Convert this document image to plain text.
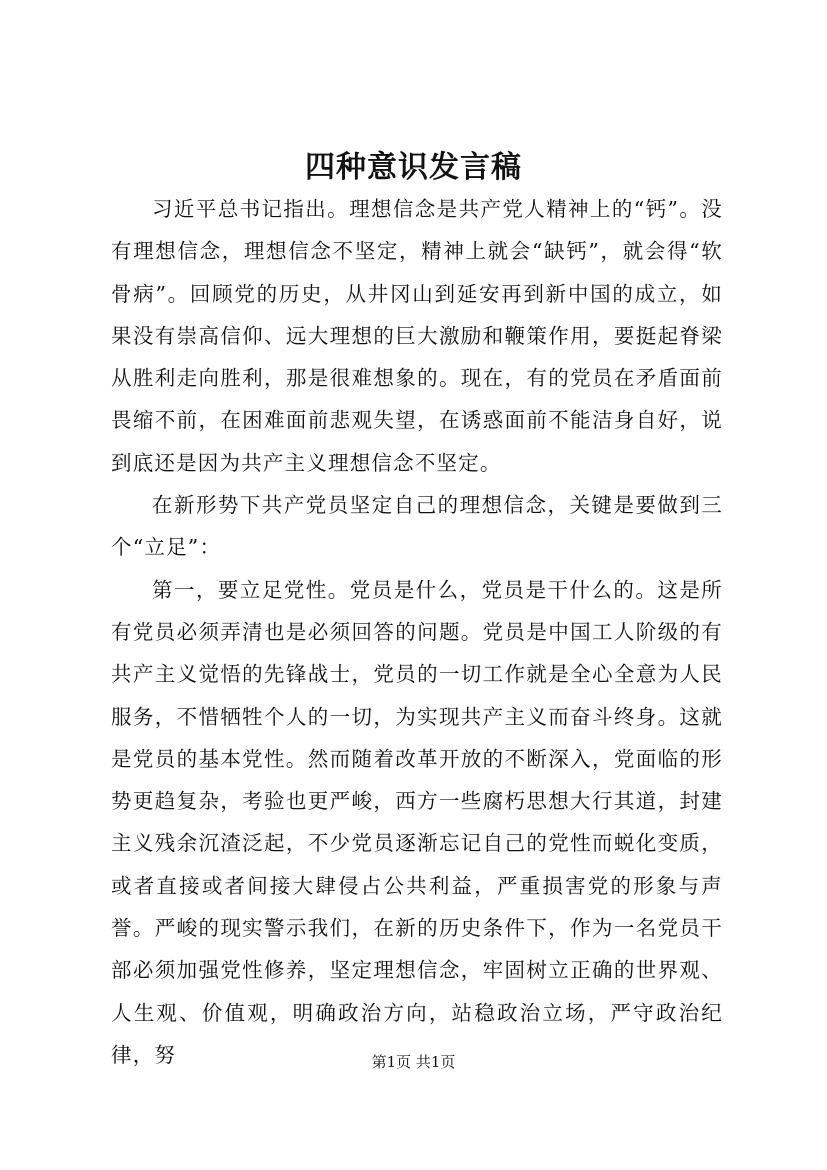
四种意识发言稿

习近平总书记指出。理想信念是共产党人精神上的“钙”。没有理想信念，理想信念不坚定，精神上就会“缺钙”，就会得“软骨病”。回顾党的历史，从井冈山到延安再到新中国的成立，如果没有崇高信仰、远大理想的巨大激励和鞭策作用，要挺起脊梁从胜利走向胜利，那是很难想象的。现在，有的党员在矛盾面前畏缩不前，在困难面前悲观失望，在诱惑面前不能洁身自好，说到底还是因为共产主义理想信念不坚定。

在新形势下共产党员坚定自己的理想信念，关键是要做到三个“立足”：

第一，要立足党性。党员是什么，党员是干什么的。这是所有党员必须弄清也是必须回答的问题。党员是中国工人阶级的有共产主义觉悟的先锋战士，党员的一切工作就是全心全意为人民服务，不惜牺牲个人的一切，为实现共产主义而奋斗终身。这就是党员的基本党性。然而随着改革开放的不断深入，党面临的形势更趋复杂，考验也更严峻，西方一些腐朽思想大行其道，封建主义残余沉渣泛起，不少党员逐渐忘记自己的党性而蜕化变质，或者直接或者间接大肆侵占公共利益，严重损害党的形象与声誉。严峻的现实警示我们，在新的历史条件下，作为一名党员干部必须加强党性修养，坚定理想信念，牢固树立正确的世界观、人生观、价值观，明确政治方向，站稳政治立场，严守政治纪律，努	第1页 共1页
